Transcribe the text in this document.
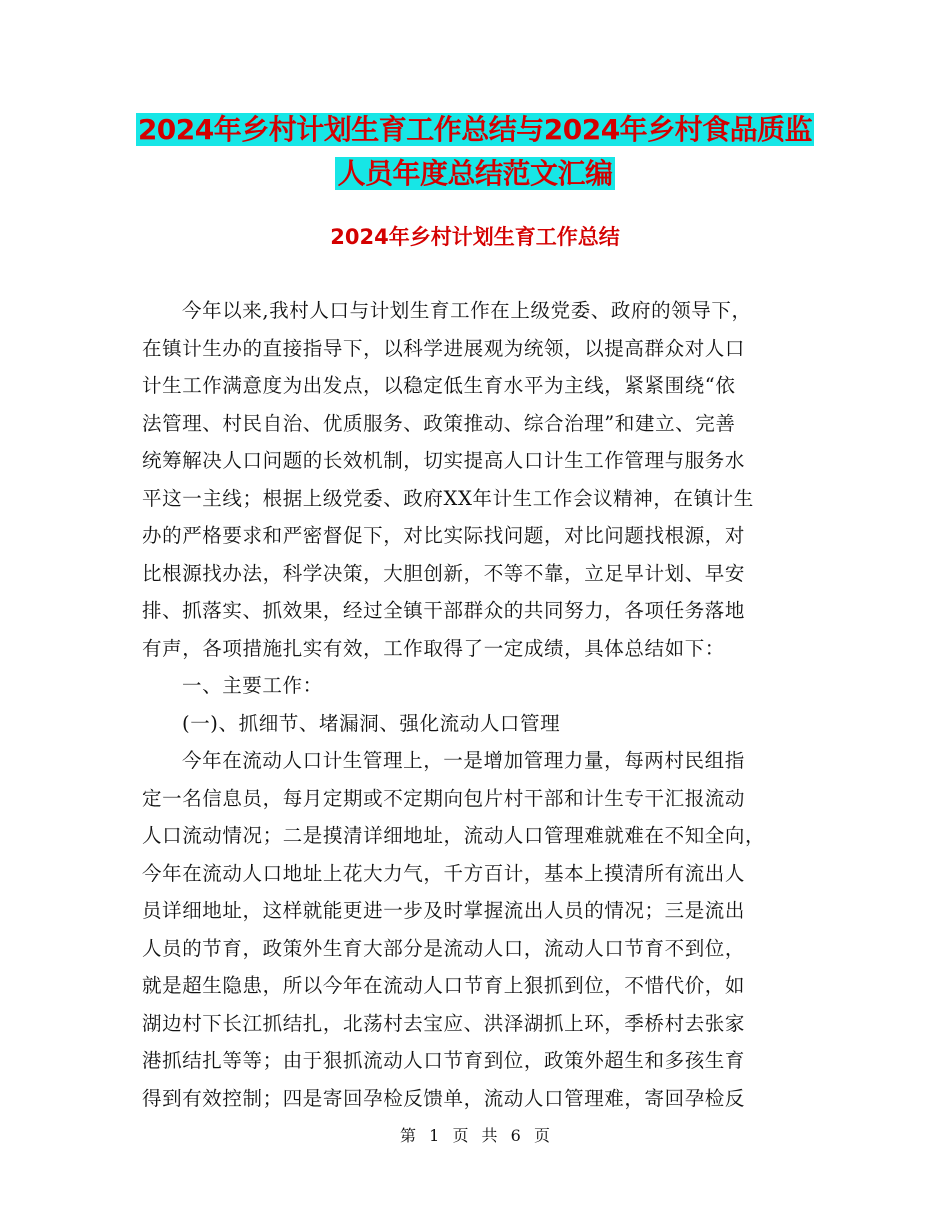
2024年乡村计划生育工作总结与2024年乡村食品质监
人员年度总结范文汇编
2024年乡村计划生育工作总结
今年以来,我村人口与计划生育工作在上级党委、政府的领导下，
在镇计生办的直接指导下，以科学进展观为统领，以提高群众对人口
计生工作满意度为出发点，以稳定低生育水平为主线，紧紧围绕“依
法管理、村民自治、优质服务、政策推动、综合治理”和建立、完善
统筹解决人口问题的长效机制，切实提高人口计生工作管理与服务水
平这一主线；根据上级党委、政府XX年计生工作会议精神，在镇计生
办的严格要求和严密督促下，对比实际找问题，对比问题找根源，对
比根源找办法，科学决策，大胆创新，不等不靠，立足早计划、早安
排、抓落实、抓效果，经过全镇干部群众的共同努力，各项任务落地
有声，各项措施扎实有效，工作取得了一定成绩，具体总结如下：
一、主要工作：
(一)、抓细节、堵漏洞、强化流动人口管理
今年在流动人口计生管理上，一是增加管理力量，每两村民组指
定一名信息员，每月定期或不定期向包片村干部和计生专干汇报流动
人口流动情况；二是摸清详细地址，流动人口管理难就难在不知全向，
今年在流动人口地址上花大力气，千方百计，基本上摸清所有流出人
员详细地址，这样就能更进一步及时掌握流出人员的情况；三是流出
人员的节育，政策外生育大部分是流动人口，流动人口节育不到位，
就是超生隐患，所以今年在流动人口节育上狠抓到位，不惜代价，如
湖边村下长江抓结扎，北荡村去宝应、洪泽湖抓上环，季桥村去张家
港抓结扎等等；由于狠抓流动人口节育到位，政策外超生和多孩生育
得到有效控制；四是寄回孕检反馈单，流动人口管理难，寄回孕检反
第 1 页 共 6 页
